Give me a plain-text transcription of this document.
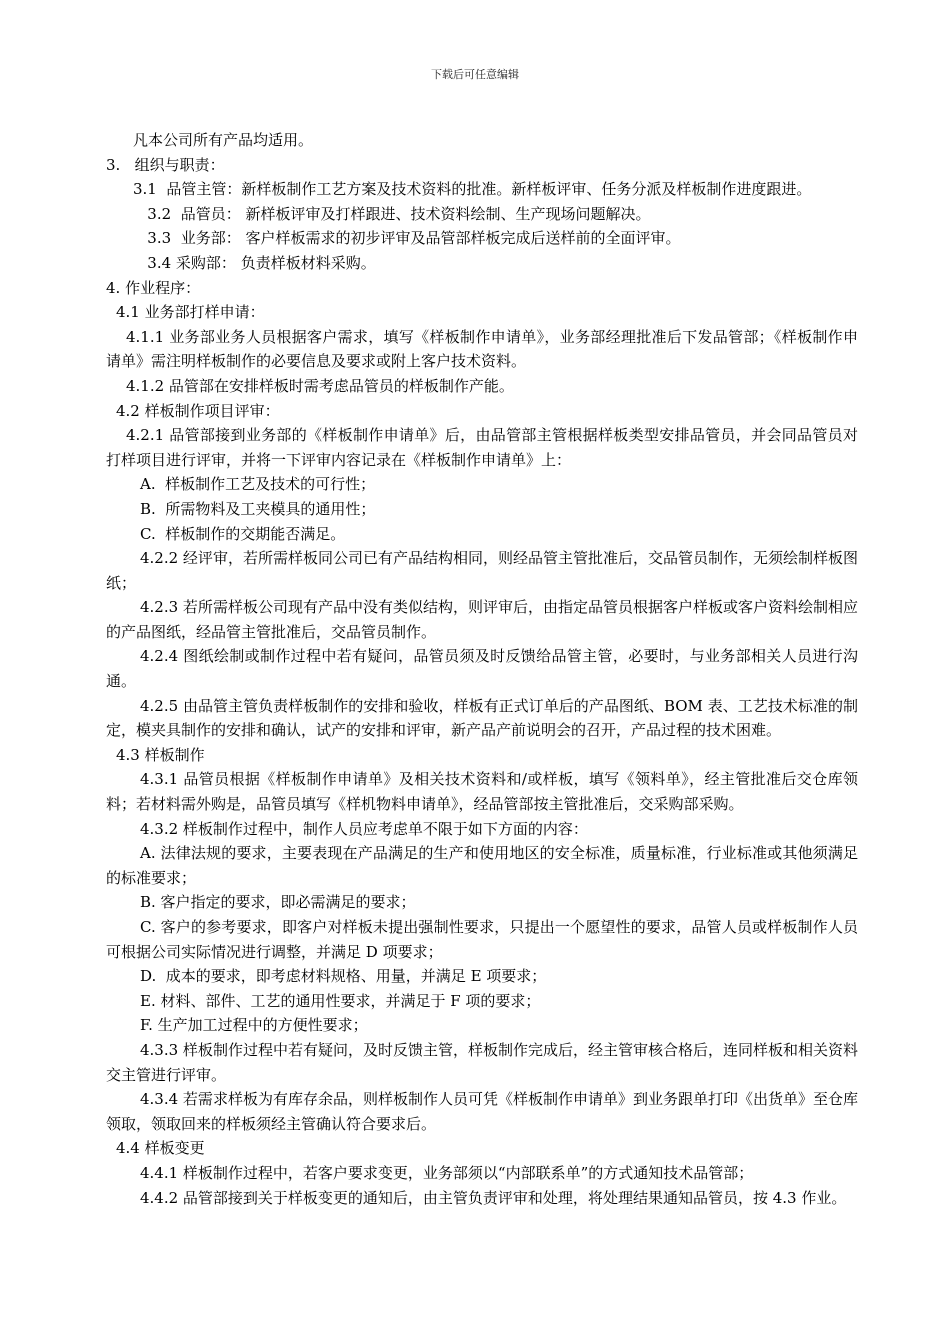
下载后可任意编辑

凡本公司所有产品均适用。

3.   组织与职责：

3.1  品管主管：新样板制作工艺方案及技术资料的批准。新样板评审、任务分派及样板制作进度跟进。

3.2  品管员： 新样板评审及打样跟进、技术资料绘制、生产现场问题解决。

3.3  业务部： 客户样板需求的初步评审及品管部样板完成后送样前的全面评审。

3.4 采购部： 负责样板材料采购。

4. 作业程序：

4.1 业务部打样申请：

4.1.1 业务部业务人员根据客户需求，填写《样板制作申请单》，业务部经理批准后下发品管部；《样板制作申请单》需注明样板制作的必要信息及要求或附上客户技术资料。

4.1.2 品管部在安排样板时需考虑品管员的样板制作产能。

4.2 样板制作项目评审：

4.2.1 品管部接到业务部的《样板制作申请单》后，由品管部主管根据样板类型安排品管员，并会同品管员对打样项目进行评审，并将一下评审内容记录在《样板制作申请单》上：

A.  样板制作工艺及技术的可行性；

B.  所需物料及工夹模具的通用性；

C.  样板制作的交期能否满足。

4.2.2 经评审，若所需样板同公司已有产品结构相同，则经品管主管批准后，交品管员制作，无须绘制样板图纸；

4.2.3 若所需样板公司现有产品中没有类似结构，则评审后，由指定品管员根据客户样板或客户资料绘制相应的产品图纸，经品管主管批准后，交品管员制作。

4.2.4 图纸绘制或制作过程中若有疑问，品管员须及时反馈给品管主管，必要时，与业务部相关人员进行沟通。

4.2.5 由品管主管负责样板制作的安排和验收，样板有正式订单后的产品图纸、BOM 表、工艺技术标准的制定，模夹具制作的安排和确认，试产的安排和评审，新产品产前说明会的召开，产品过程的技术困难。

4.3 样板制作

4.3.1 品管员根据《样板制作申请单》及相关技术资料和/或样板，填写《领料单》，经主管批准后交仓库领料；若材料需外购是，品管员填写《样机物料申请单》，经品管部按主管批准后，交采购部采购。

4.3.2 样板制作过程中，制作人员应考虑单不限于如下方面的内容：

A. 法律法规的要求，主要表现在产品满足的生产和使用地区的安全标准，质量标准，行业标准或其他须满足的标准要求；

B. 客户指定的要求，即必需满足的要求；

C. 客户的参考要求，即客户对样板未提出强制性要求，只提出一个愿望性的要求，品管人员或样板制作人员可根据公司实际情况进行调整，并满足 D 项要求；

D.  成本的要求，即考虑材料规格、用量，并满足 E 项要求；

E. 材料、部件、工艺的通用性要求，并满足于 F 项的要求；

F. 生产加工过程中的方便性要求；

4.3.3 样板制作过程中若有疑问，及时反馈主管，样板制作完成后，经主管审核合格后，连同样板和相关资料交主管进行评审。

4.3.4 若需求样板为有库存余品，则样板制作人员可凭《样板制作申请单》到业务跟单打印《出货单》至仓库领取，领取回来的样板须经主管确认符合要求后。

4.4 样板变更

4.4.1 样板制作过程中，若客户要求变更，业务部须以“内部联系单”的方式通知技术品管部；

4.4.2 品管部接到关于样板变更的通知后，由主管负责评审和处理，将处理结果通知品管员，按 4.3 作业。
